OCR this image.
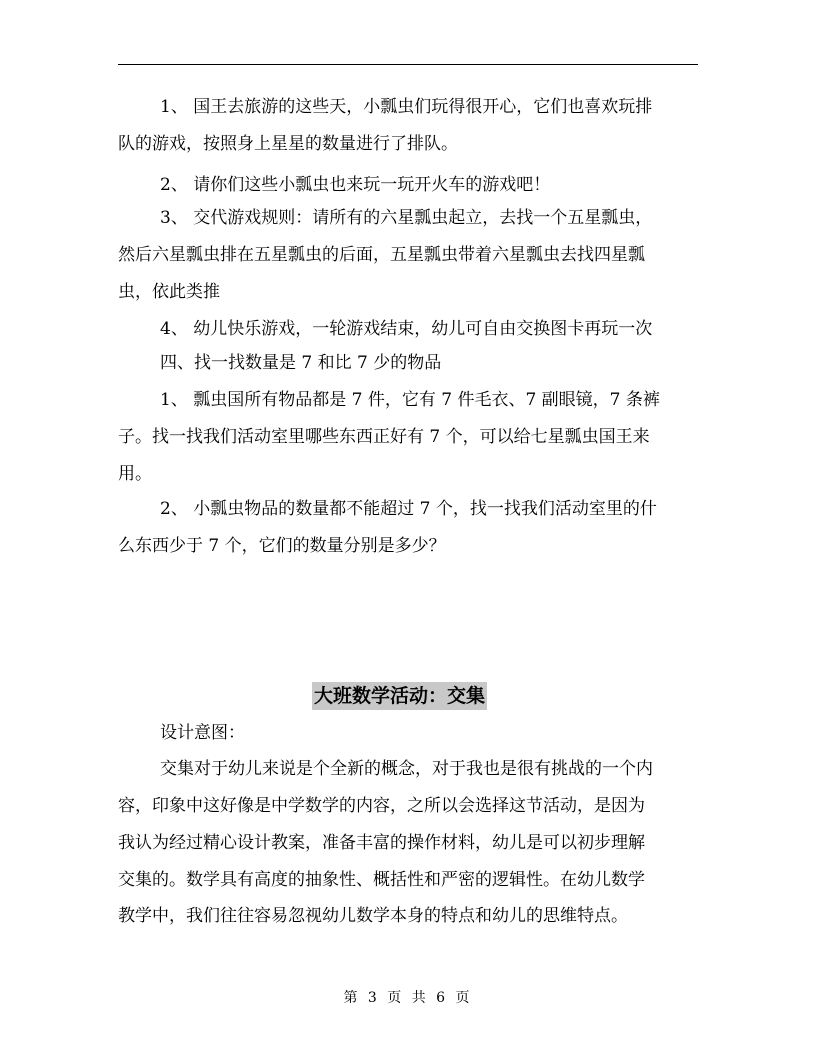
1、 国王去旅游的这些天，小瓢虫们玩得很开心，它们也喜欢玩排
队的游戏，按照身上星星的数量进行了排队。
2、 请你们这些小瓢虫也来玩一玩开火车的游戏吧！
3、 交代游戏规则：请所有的六星瓢虫起立，去找一个五星瓢虫，
然后六星瓢虫排在五星瓢虫的后面，五星瓢虫带着六星瓢虫去找四星瓢
虫，依此类推
4、 幼儿快乐游戏，一轮游戏结束，幼儿可自由交换图卡再玩一次
四、找一找数量是 7 和比 7 少的物品
1、 瓢虫国所有物品都是 7 件，它有 7 件毛衣、7 副眼镜，7 条裤
子。找一找我们活动室里哪些东西正好有 7 个，可以给七星瓢虫国王来
用。
2、 小瓢虫物品的数量都不能超过 7 个，找一找我们活动室里的什
么东西少于 7 个，它们的数量分别是多少？
大班数学活动：交集
设计意图：
交集对于幼儿来说是个全新的概念，对于我也是很有挑战的一个内
容，印象中这好像是中学数学的内容，之所以会选择这节活动，是因为
我认为经过精心设计教案，准备丰富的操作材料，幼儿是可以初步理解
交集的。数学具有高度的抽象性、概括性和严密的逻辑性。在幼儿数学
教学中，我们往往容易忽视幼儿数学本身的特点和幼儿的思维特点。
第 3 页 共 6 页
